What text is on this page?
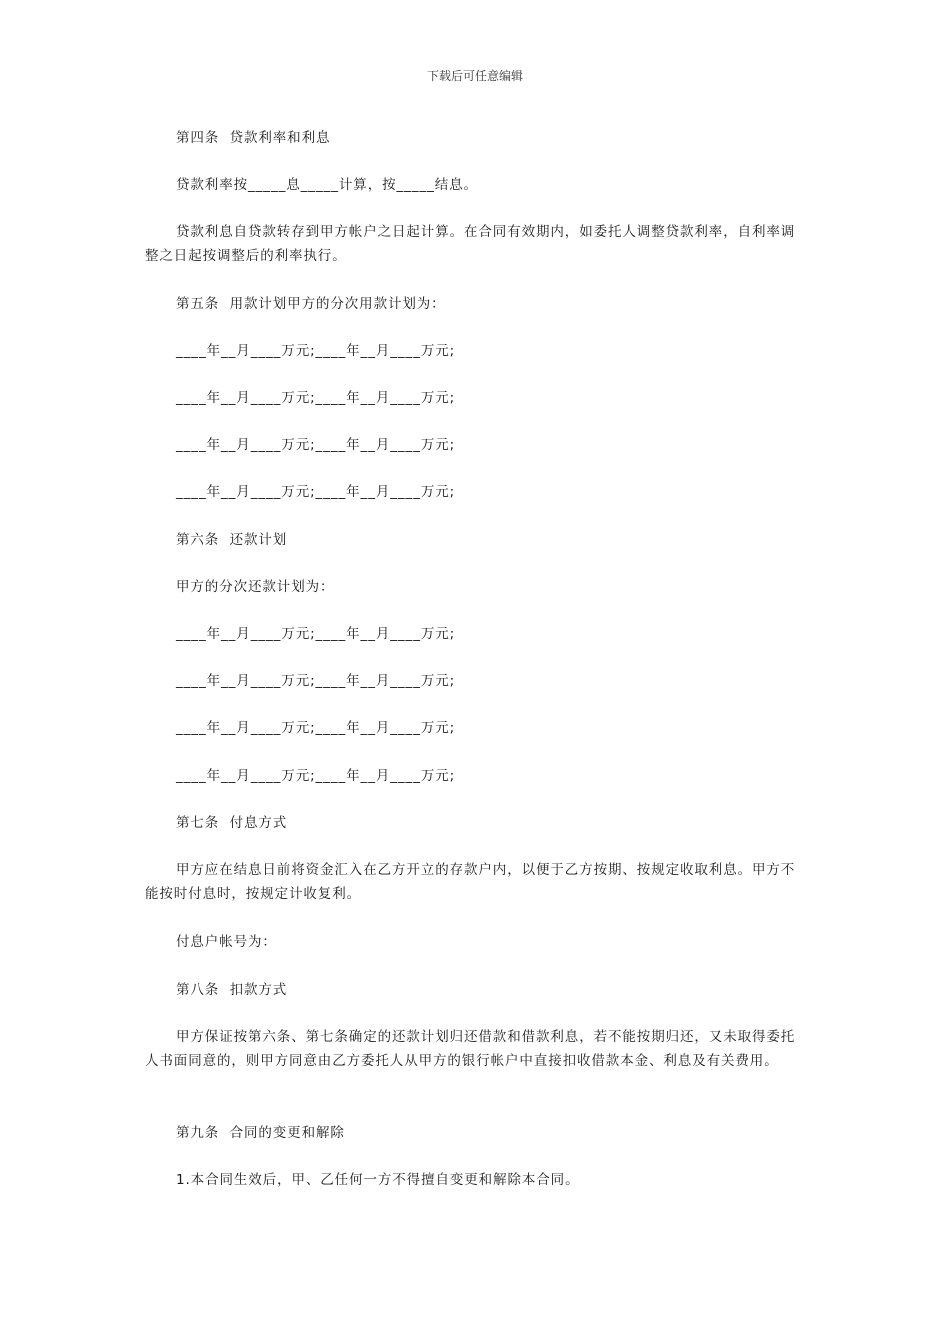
下载后可任意编辑
第四条  贷款利率和利息
贷款利率按_____息_____计算，按_____结息。
贷款利息自贷款转存到甲方帐户之日起计算。在合同有效期内，如委托人调整贷款利率，自利率调整之日起按调整后的利率执行。
第五条  用款计划甲方的分次用款计划为：
____年__月____万元;____年__月____万元;
____年__月____万元;____年__月____万元;
____年__月____万元;____年__月____万元;
____年__月____万元;____年__月____万元;
第六条  还款计划
甲方的分次还款计划为：
____年__月____万元;____年__月____万元;
____年__月____万元;____年__月____万元;
____年__月____万元;____年__月____万元;
____年__月____万元;____年__月____万元;
第七条  付息方式
甲方应在结息日前将资金汇入在乙方开立的存款户内，以便于乙方按期、按规定收取利息。甲方不能按时付息时，按规定计收复利。
付息户帐号为：
第八条  扣款方式
甲方保证按第六条、第七条确定的还款计划归还借款和借款利息，若不能按期归还，又未取得委托人书面同意的，则甲方同意由乙方委托人从甲方的银行帐户中直接扣收借款本金、利息及有关费用。
第九条  合同的变更和解除
1.本合同生效后，甲、乙任何一方不得擅自变更和解除本合同。
